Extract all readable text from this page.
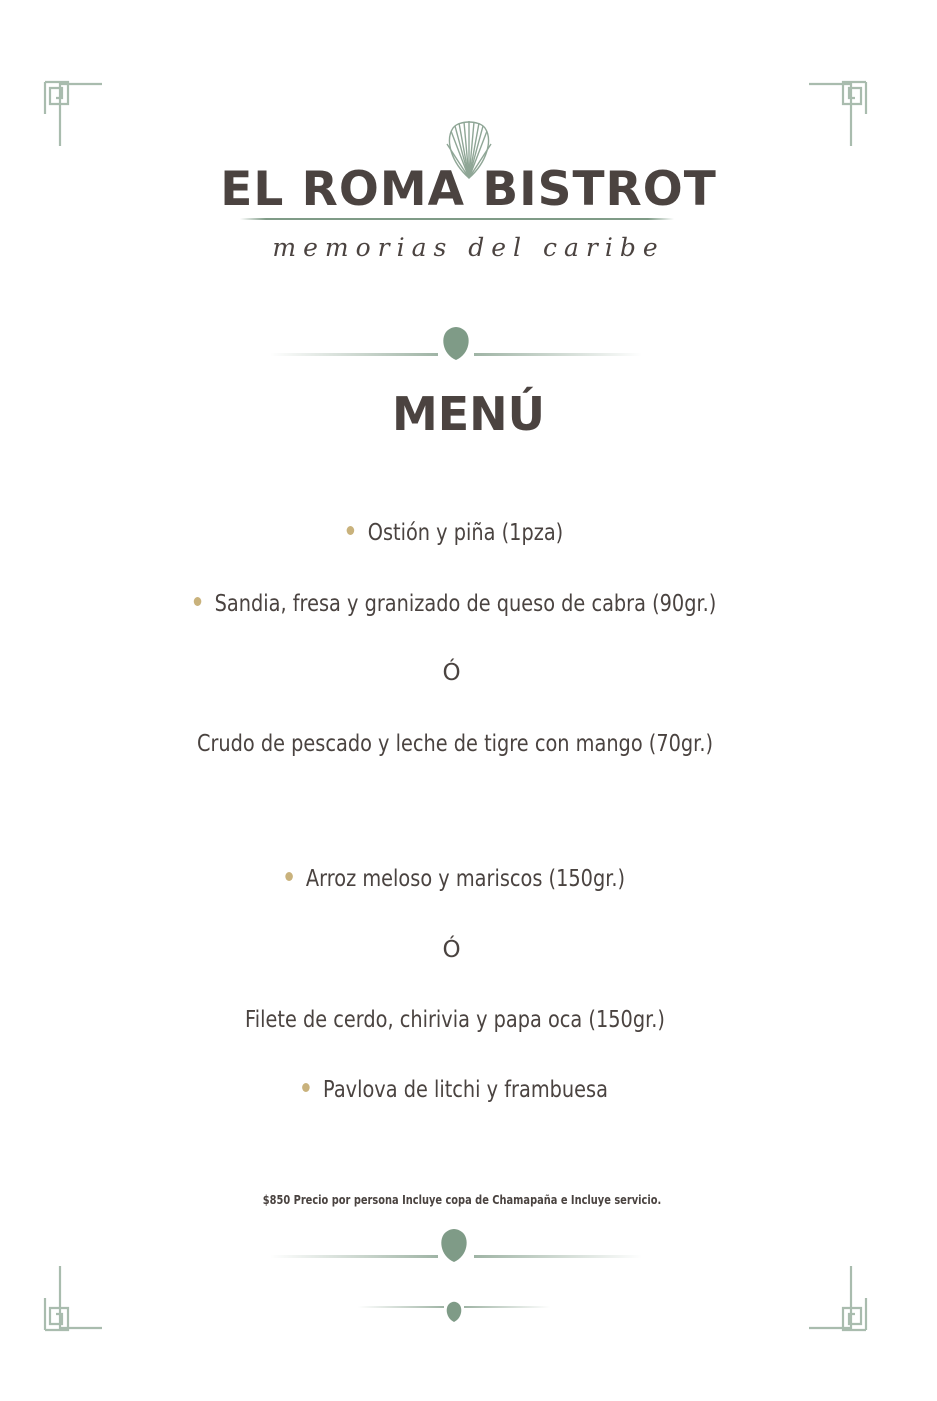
EL ROMA BISTROT
memorias del caribe
MENÚ
Ostión y piña (1pza)
Sandia, fresa y granizado de queso de cabra (90gr.)
Ó
Crudo de pescado y leche de tigre con mango (70gr.)
Arroz meloso y mariscos (150gr.)
Ó
Filete de cerdo, chirivia y papa oca (150gr.)
Pavlova de litchi y frambuesa
$850 Precio por persona Incluye copa de Chamapaña e Incluye servicio.
